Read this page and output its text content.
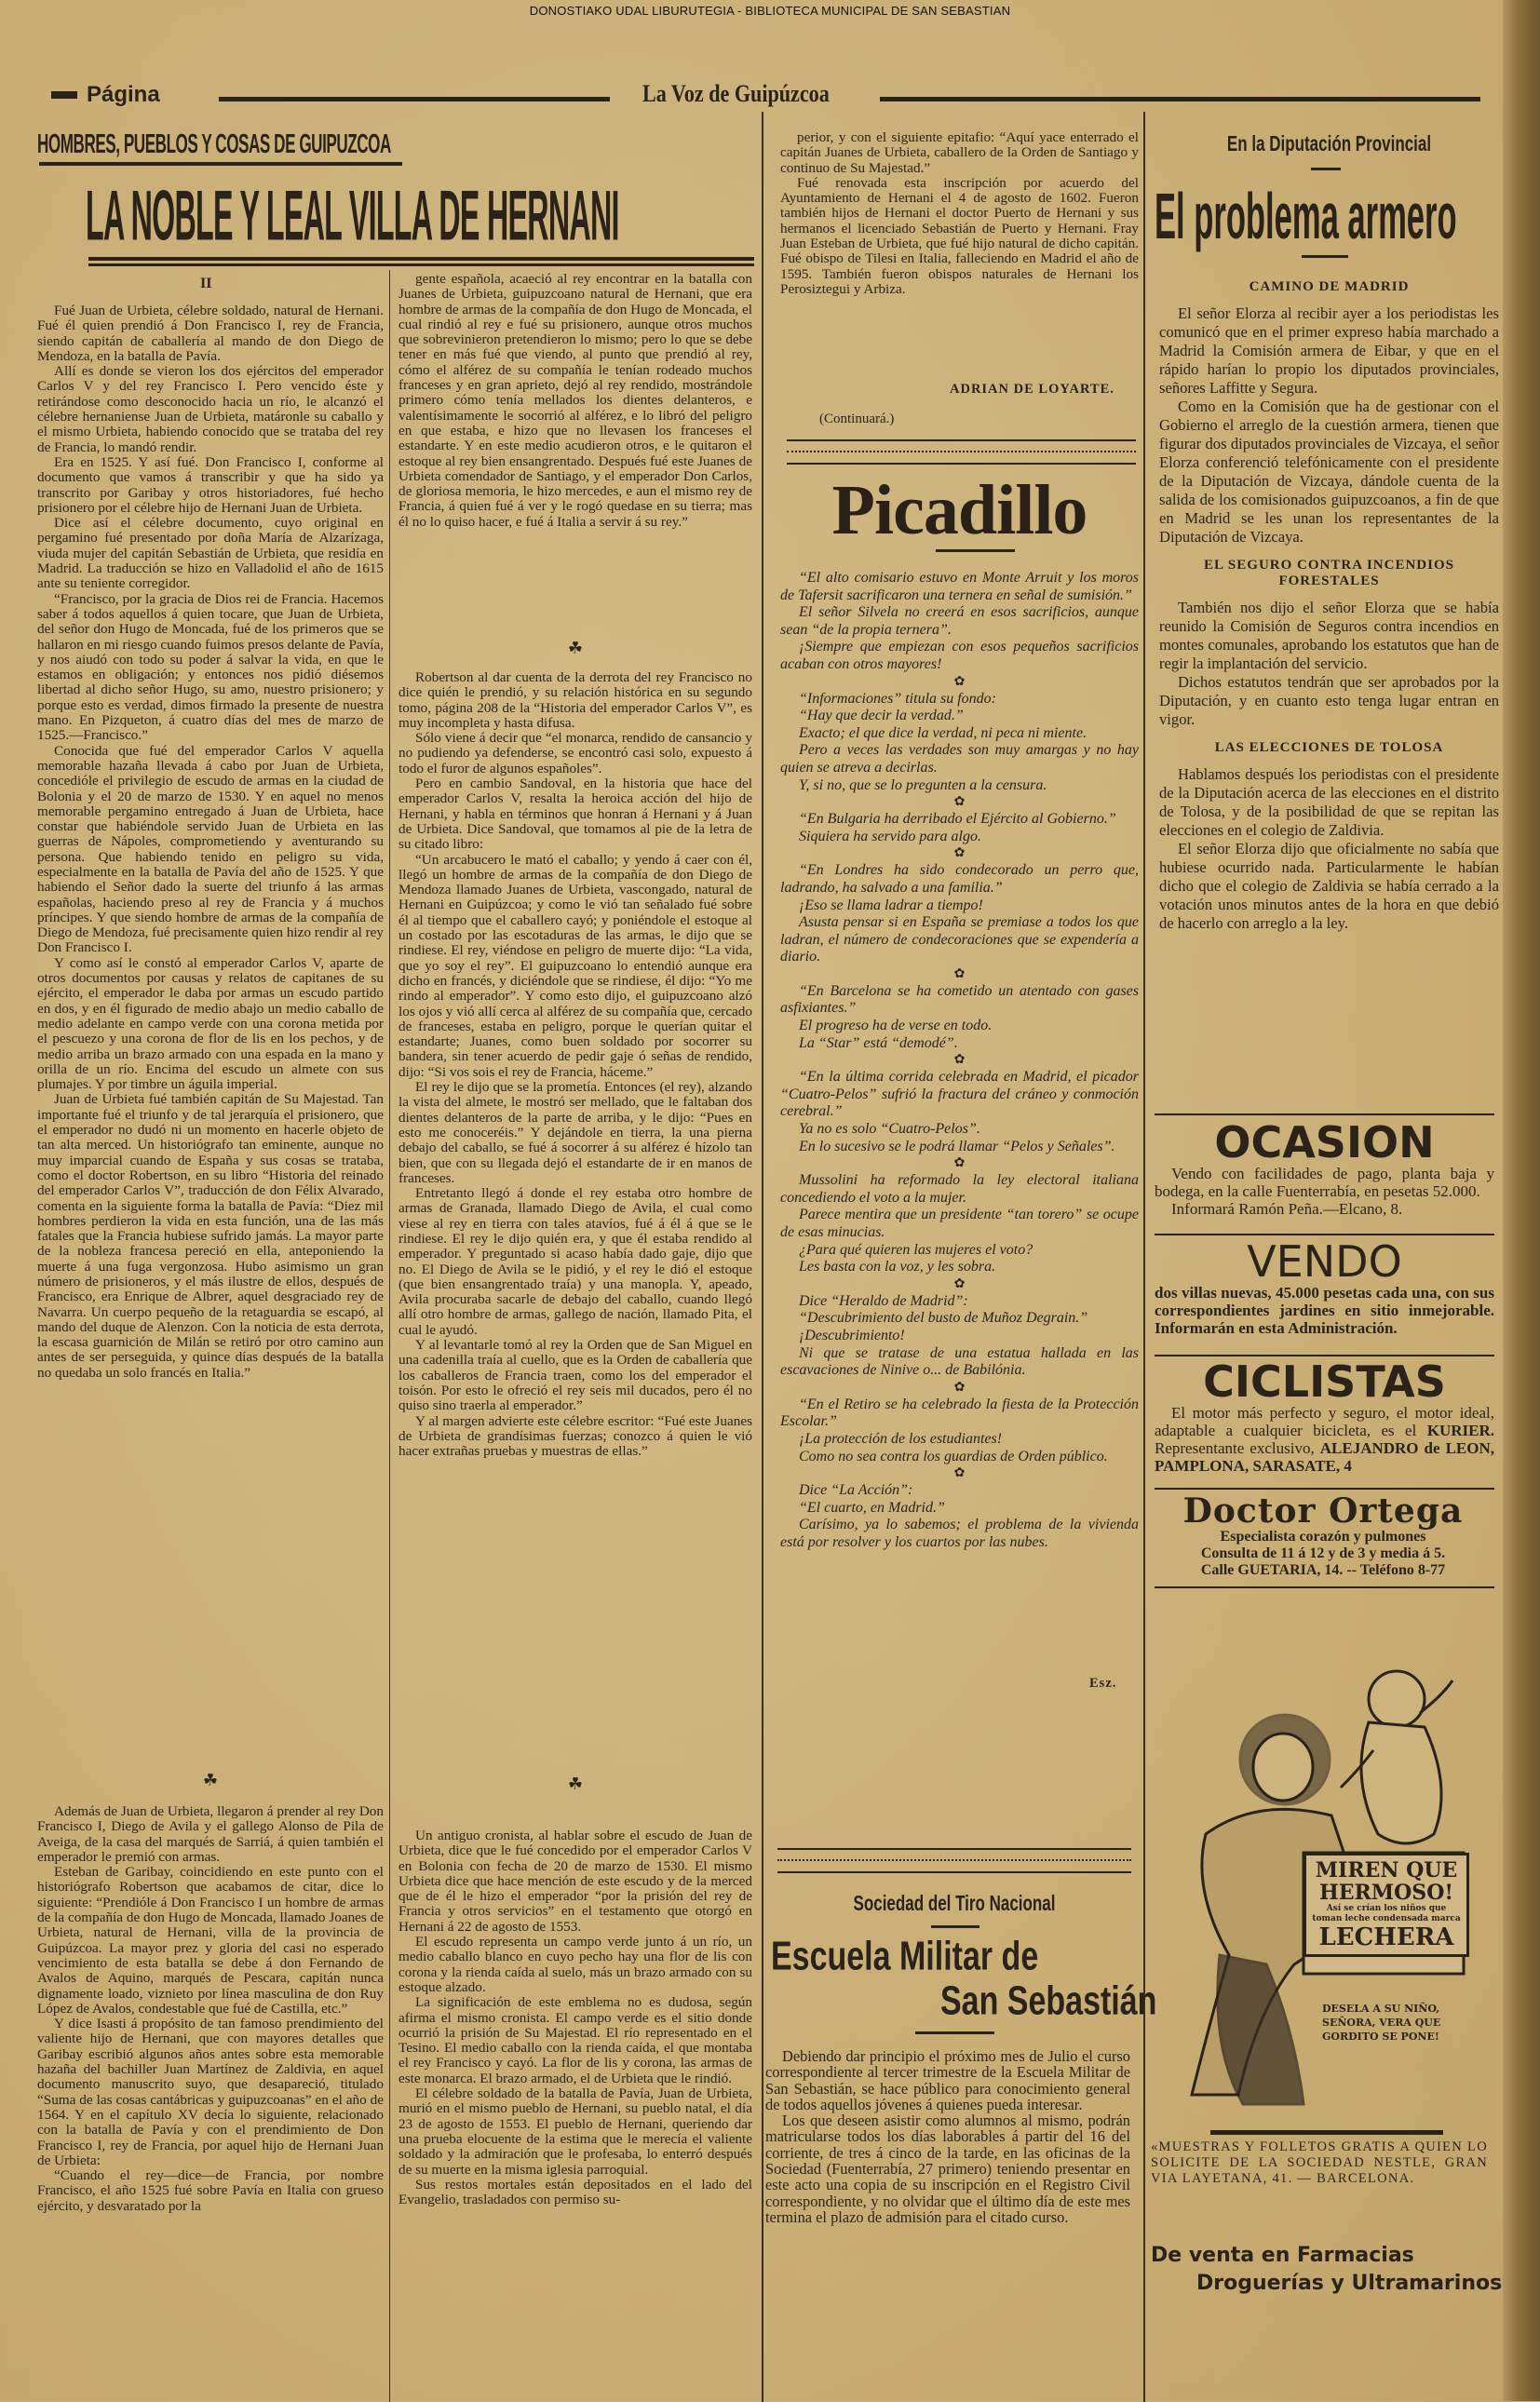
DONOSTIAKO UDAL LIBURUTEGIA - BIBLIOTECA MUNICIPAL DE SAN SEBASTIAN
Página	La Voz de Guipúzcoa
HOMBRES, PUEBLOS Y COSAS DE GUIPUZCOA
LA NOBLE Y LEAL VILLA DE HERNANI
II

Fué Juan de Urbieta, célebre soldado, natural de Hernani. Fué él quien prendió á Don Francisco I, rey de Francia, siendo capitán de caballería al mando de don Diego de Mendoza, en la batalla de Pavía.

Allí es donde se vieron los dos ejércitos del emperador Carlos V y del rey Francisco I. Pero vencido éste y retirándose como desconocido hacia un río, le alcanzó el célebre hernaniense Juan de Urbieta, matáronle su caballo y el mismo Urbieta, habiendo conocido que se trataba del rey de Francia, lo mandó rendir.

Era en 1525. Y así fué. Don Francisco I, conforme al documento que vamos á transcribir y que ha sido ya transcrito por Garibay y otros historiadores, fué hecho prisionero por el célebre hijo de Hernani Juan de Urbieta.

Dice así el célebre documento, cuyo original en pergamino fué presentado por doña María de Alzarízaga, viuda mujer del capitán Sebastián de Urbieta, que residía en Madrid. La traducción se hizo en Valladolid el año de 1615 ante su teniente corregidor.

“Francisco, por la gracia de Dios rei de Francia. Hacemos saber á todos aquellos á quien tocare, que Juan de Urbieta, del señor don Hugo de Moncada, fué de los primeros que se hallaron en mi riesgo cuando fuimos presos delante de Pavía, y nos aiudó con todo su poder á salvar la vida, en que le estamos en obligación; y entonces nos pidió diésemos libertad al dicho señor Hugo, su amo, nuestro prisionero; y porque esto es verdad, dimos firmado la presente de nuestra mano. En Pizqueton, á cuatro días del mes de marzo de 1525.—Francisco.”

Conocida que fué del emperador Carlos V aquella memorable hazaña llevada á cabo por Juan de Urbieta, concedióle el privilegio de escudo de armas en la ciudad de Bolonia y el 20 de marzo de 1530. Y en aquel no menos memorable pergamino entregado á Juan de Urbieta, hace constar que habiéndole servido Juan de Urbieta en las guerras de Nápoles, comprometiendo y aventurando su persona. Que habiendo tenido en peligro su vida, especialmente en la batalla de Pavía del año de 1525. Y que habiendo el Señor dado la suerte del triunfo á las armas españolas, haciendo preso al rey de Francia y á muchos príncipes. Y que siendo hombre de armas de la compañía de Diego de Mendoza, fué precisamente quien hizo rendir al rey Don Francisco I.

Y como así le constó al emperador Carlos V, aparte de otros documentos por causas y relatos de capitanes de su ejército, el emperador le daba por armas un escudo partido en dos, y en él figurado de medio abajo un medio caballo de medio adelante en campo verde con una corona metida por el pescuezo y una corona de flor de lis en los pechos, y de medio arriba un brazo armado con una espada en la mano y orilla de un río. Encima del escudo un almete con sus plumajes. Y por timbre un águila imperial.

Juan de Urbieta fué también capitán de Su Majestad. Tan importante fué el triunfo y de tal jerarquía el prisionero, que el emperador no dudó ni un momento en hacerle objeto de tan alta merced. Un historiógrafo tan eminente, aunque no muy imparcial cuando de España y sus cosas se trataba, como el doctor Robertson, en su libro “Historia del reinado del emperador Carlos V”, traducción de don Félix Alvarado, comenta en la siguiente forma la batalla de Pavía: “Diez mil hombres perdieron la vida en esta función, una de las más fatales que la Francia hubiese sufrido jamás. La mayor parte de la nobleza francesa pereció en ella, anteponiendo la muerte á una fuga vergonzosa. Hubo asimismo un gran número de prisioneros, y el más ilustre de ellos, después de Francisco, era Enrique de Albrer, aquel desgraciado rey de Navarra. Un cuerpo pequeño de la retaguardia se escapó, al mando del duque de Alenzon. Con la noticia de esta derrota, la escasa guarnición de Milán se retiró por otro camino aun antes de ser perseguida, y quince días después de la batalla no quedaba un solo francés en Italia.”

☘

Además de Juan de Urbieta, llegaron á prender al rey Don Francisco I, Diego de Avila y el gallego Alonso de Pila de Aveiga, de la casa del marqués de Sarriá, á quien también el emperador le premió con armas.

Esteban de Garibay, coincidiendo en este punto con el historiógrafo Robertson que acabamos de citar, dice lo siguiente: “Prendióle á Don Francisco I un hombre de armas de la compañía de don Hugo de Moncada, llamado Joanes de Urbieta, natural de Hernani, villa de la provincia de Guipúzcoa. La mayor prez y gloria del casi no esperado vencimiento de esta batalla se debe á don Fernando de Avalos de Aquino, marqués de Pescara, capitán nunca dignamente loado, viznieto por línea masculina de don Ruy López de Avalos, condestable que fué de Castilla, etc.”

Y dice Isasti á propósito de tan famoso prendimiento del valiente hijo de Hernani, que con mayores detalles que Garibay escribió algunos años antes sobre esta memorable hazaña del bachiller Juan Martínez de Zaldivia, en aquel documento manuscrito suyo, que desapareció, titulado “Suma de las cosas cantábricas y guipuzcoanas” en el año de 1564. Y en el capítulo XV decía lo siguiente, relacionado con la batalla de Pavía y con el prendimiento de Don Francisco I, rey de Francia, por aquel hijo de Hernani Juan de Urbieta:

“Cuando el rey—dice—de Francia, por nombre Francisco, el año 1525 fué sobre Pavía en Italia con grueso ejército, y desvaratado por la

gente española, acaeció al rey encontrar en la batalla con Juanes de Urbieta, guipuzcoano natural de Hernani, que era hombre de armas de la compañía de don Hugo de Moncada, el cual rindió al rey e fué su prisionero, aunque otros muchos que sobrevinieron pretendieron lo mismo; pero lo que se debe tener en más fué que viendo, al punto que prendió al rey, cómo el alférez de su compañía le tenían rodeado muchos franceses y en gran aprieto, dejó al rey rendido, mostrándole primero cómo tenía mellados los dientes delanteros, e valentísimamente le socorrió al alférez, e lo libró del peligro en que estaba, e hizo que no llevasen los franceses el estandarte. Y en este medio acudieron otros, e le quitaron el estoque al rey bien ensangrentado. Después fué este Juanes de Urbieta comendador de Santiago, y el emperador Don Carlos, de gloriosa memoria, le hizo mercedes, e aun el mismo rey de Francia, á quien fué á ver y le rogó quedase en su tierra; mas él no lo quiso hacer, e fué á Italia a servir á su rey.”

☘

Robertson al dar cuenta de la derrota del rey Francisco no dice quién le prendió, y su relación histórica en su segundo tomo, página 208 de la “Historia del emperador Carlos V”, es muy incompleta y hasta difusa.

Sólo viene á decir que “el monarca, rendido de cansancio y no pudiendo ya defenderse, se encontró casi solo, expuesto á todo el furor de algunos españoles”.

Pero en cambio Sandoval, en la historia que hace del emperador Carlos V, resalta la heroica acción del hijo de Hernani, y habla en términos que honran á Hernani y á Juan de Urbieta. Dice Sandoval, que tomamos al pie de la letra de su citado libro:

“Un arcabucero le mató el caballo; y yendo á caer con él, llegó un hombre de armas de la compañía de don Diego de Mendoza llamado Juanes de Urbieta, vascongado, natural de Hernani en Guipúzcoa; y como le vió tan señalado fué sobre él al tiempo que el caballero cayó; y poniéndole el estoque al un costado por las escotaduras de las armas, le dijo que se rindiese. El rey, viéndose en peligro de muerte dijo: “La vida, que yo soy el rey”. El guipuzcoano lo entendió aunque era dicho en francés, y diciéndole que se rindiese, él dijo: “Yo me rindo al emperador”. Y como esto dijo, el guipuzcoano alzó los ojos y vió allí cerca al alférez de su compañía que, cercado de franceses, estaba en peligro, porque le querían quitar el estandarte; Juanes, como buen soldado por socorrer su bandera, sin tener acuerdo de pedir gaje ó señas de rendido, dijo: “Si vos sois el rey de Francia, háceme.”

El rey le dijo que se la prometía. Entonces (el rey), alzando la vista del almete, le mostró ser mellado, que le faltaban dos dientes delanteros de la parte de arriba, y le dijo: “Pues en esto me conoceréis.” Y dejándole en tierra, la una pierna debajo del caballo, se fué á socorrer á su alférez é hízolo tan bien, que con su llegada dejó el estandarte de ir en manos de franceses.

Entretanto llegó á donde el rey estaba otro hombre de armas de Granada, llamado Diego de Avila, el cual como viese al rey en tierra con tales atavíos, fué á él á que se le rindiese. El rey le dijo quién era, y que él estaba rendido al emperador. Y preguntado si acaso había dado gaje, dijo que no. El Diego de Avila se le pidió, y el rey le dió el estoque (que bien ensangrentado traía) y una manopla. Y, apeado, Avila procuraba sacarle de debajo del caballo, cuando llegó allí otro hombre de armas, gallego de nación, llamado Pita, el cual le ayudó.

Y al levantarle tomó al rey la Orden que de San Miguel en una cadenilla traía al cuello, que es la Orden de caballería que los caballeros de Francia traen, como los del emperador el toisón. Por esto le ofreció el rey seis mil ducados, pero él no quiso sino traerla al emperador.”

Y al margen advierte este célebre escritor: “Fué este Juanes de Urbieta de grandísimas fuerzas; conozco á quien le vió hacer extrañas pruebas y muestras de ellas.”

☘

Un antiguo cronista, al hablar sobre el escudo de Juan de Urbieta, dice que le fué concedido por el emperador Carlos V en Bolonia con fecha de 20 de marzo de 1530. El mismo Urbieta dice que hace mención de este escudo y de la merced que de él le hizo el emperador “por la prisión del rey de Francia y otros servicios” en el testamento que otorgó en Hernani á 22 de agosto de 1553.

El escudo representa un campo verde junto á un río, un medio caballo blanco en cuyo pecho hay una flor de lis con corona y la rienda caída al suelo, más un brazo armado con su estoque alzado.

La significación de este emblema no es dudosa, según afirma el mismo cronista. El campo verde es el sitio donde ocurrió la prisión de Su Majestad. El río representado en el Tesino. El medio caballo con la rienda caída, el que montaba el rey Francisco y cayó. La flor de lis y corona, las armas de este monarca. El brazo armado, el de Urbieta que le rindió.

El célebre soldado de la batalla de Pavía, Juan de Urbieta, murió en el mismo pueblo de Hernani, su pueblo natal, el día 23 de agosto de 1553. El pueblo de Hernani, queriendo dar una prueba elocuente de la estima que le merecía el valiente soldado y la admiración que le profesaba, lo enterró después de su muerte en la misma iglesia parroquial.

Sus restos mortales están depositados en el lado del Evangelio, trasladados con permiso su-

perior, y con el siguiente epitafio: “Aquí yace enterrado el capitán Juanes de Urbieta, caballero de la Orden de Santiago y continuo de Su Majestad.”

Fué renovada esta inscripción por acuerdo del Ayuntamiento de Hernani el 4 de agosto de 1602. Fueron también hijos de Hernani el doctor Puerto de Hernani y sus hermanos el licenciado Sebastián de Puerto y Hernani. Fray Juan Esteban de Urbieta, que fué hijo natural de dicho capitán. Fué obispo de Tilesi en Italia, falleciendo en Madrid el año de 1595. También fueron obispos naturales de Hernani los Perosiztegui y Arbiza.

ADRIAN DE LOYARTE.
(Continuará.)
Picadillo

“El alto comisario estuvo en Monte Arruit y los moros de Tafersit sacrificaron una ternera en señal de sumisión.”

El señor Silvela no creerá en esos sacrificios, aunque sean “de la propia ternera”.

¡Siempre que empiezan con esos pequeños sacrificios acaban con otros mayores!

✿

“Informaciones” titula su fondo:

“Hay que decir la verdad.”

Exacto; el que dice la verdad, ni peca ni miente.

Pero a veces las verdades son muy amargas y no hay quien se atreva a decirlas.

Y, si no, que se lo pregunten a la censura.

✿

“En Bulgaria ha derribado el Ejército al Gobierno.”

Siquiera ha servido para algo.

✿

“En Londres ha sido condecorado un perro que, ladrando, ha salvado a una familia.”

¡Eso se llama ladrar a tiempo!

Asusta pensar si en España se premiase a todos los que ladran, el número de condecoraciones que se expendería a diario.

✿

“En Barcelona se ha cometido un atentado con gases asfixiantes.”

El progreso ha de verse en todo.

La “Star” está “demodé”.

✿

“En la última corrida celebrada en Madrid, el picador “Cuatro-Pelos” sufrió la fractura del cráneo y conmoción cerebral.”

Ya no es solo “Cuatro-Pelos”.

En lo sucesivo se le podrá llamar “Pelos y Señales”.

✿

Mussolini ha reformado la ley electoral italiana concediendo el voto a la mujer.

Parece mentira que un presidente “tan torero” se ocupe de esas minucias.

¿Para qué quieren las mujeres el voto?

Les basta con la voz, y les sobra.

✿

Dice “Heraldo de Madrid”:

“Descubrimiento del busto de Muñoz Degrain.”

¡Descubrimiento!

Ni que se tratase de una estatua hallada en las escavaciones de Ninive o... de Babilónia.

✿

“En el Retiro se ha celebrado la fiesta de la Protección Escolar.”

¡La protección de los estudiantes!

Como no sea contra los guardias de Orden público.

✿

Dice “La Acción”:

“El cuarto, en Madrid.”

Carísimo, ya lo sabemos; el problema de la vivienda está por resolver y los cuartos por las nubes.

Esz.
Sociedad del Tiro Nacional
Escuela Militar de
San Sebastián

Debiendo dar principio el próximo mes de Julio el curso correspondiente al tercer trimestre de la Escuela Militar de San Sebastián, se hace público para conocimiento general de todos aquellos jóvenes á quienes pueda interesar.

Los que deseen asistir como alumnos al mismo, podrán matricularse todos los días laborables á partir del 16 del corriente, de tres á cinco de la tarde, en las oficinas de la Sociedad (Fuenterrabía, 27 primero) teniendo presentar en este acto una copia de su inscripción en el Registro Civil correspondiente, y no olvidar que el último día de este mes termina el plazo de admisión para el citado curso.

En la Diputación Provincial
El problema armero
CAMINO DE MADRID

El señor Elorza al recibir ayer a los periodistas les comunicó que en el primer expreso había marchado a Madrid la Comisión armera de Eibar, y que en el rápido harían lo propio los diputados provinciales, señores Laffitte y Segura.

Como en la Comisión que ha de gestionar con el Gobierno el arreglo de la cuestión armera, tienen que figurar dos diputados provinciales de Vizcaya, el señor Elorza conferenció telefónicamente con el presidente de la Diputación de Vizcaya, dándole cuenta de la salida de los comisionados guipuzcoanos, a fin de que en Madrid se les unan los representantes de la Diputación de Vizcaya.

EL SEGURO CONTRA INCENDIOS FORESTALES

También nos dijo el señor Elorza que se había reunido la Comisión de Seguros contra incendios en montes comunales, aprobando los estatutos que han de regir la implantación del servicio.

Dichos estatutos tendrán que ser aprobados por la Diputación, y en cuanto esto tenga lugar entran en vigor.

LAS ELECCIONES DE TOLOSA

Hablamos después los periodistas con el presidente de la Diputación acerca de las elecciones en el distrito de Tolosa, y de la posibilidad de que se repitan las elecciones en el colegio de Zaldivia.

El señor Elorza dijo que oficialmente no sabía que hubiese ocurrido nada. Particularmente le habían dicho que el colegio de Zaldivia se había cerrado a la votación unos minutos antes de la hora en que debió de hacerlo con arreglo a la ley.

OCASION
Vendo con facilidades de pago, planta baja y bodega, en la calle Fuenterrabía, en pesetas 52.000.
Informará Ramón Peña.—Elcano, 8.
VENDO
dos villas nuevas, 45.000 pesetas cada una, con sus correspondientes jardines en sitio inmejorable. Informarán en esta Administración.
CICLISTAS
El motor más perfecto y seguro, el motor ideal, adaptable a cualquier bicicleta, es el KURIER. Representante exclusivo, ALEJANDRO de LEON, PAMPLONA, SARASATE, 4
Doctor Ortega
Especialista corazón y pulmones
Consulta de 11 á 12 y de 3 y media á 5.
Calle GUETARIA, 14. -- Teléfono 8-77
MIREN QUE
HERMOSO!
Así se crían los niños que toman leche condensada marca
LECHERA
DESELA A SU NIÑO, SEÑORA, VERA QUE GORDITO SE PONE!
«MUESTRAS Y FOLLETOS GRATIS A QUIEN LO SOLICITE DE LA SOCIEDAD NESTLE, GRAN VIA LAYETANA, 41. — BARCELONA.
De venta en Farmacias
Droguerías y Ultramarinos
